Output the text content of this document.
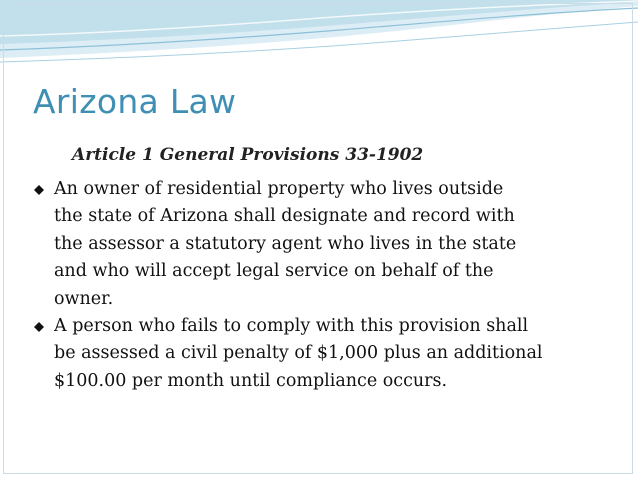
Arizona Law
Article 1 General Provisions 33-1902
An owner of residential property who lives outside
the state of Arizona shall designate and record with
the assessor a statutory agent who lives in the state
and who will accept legal service on behalf of the
owner.
A person who fails to comply with this provision shall
be assessed a civil penalty of $1,000 plus an additional
$100.00 per month until compliance occurs.
